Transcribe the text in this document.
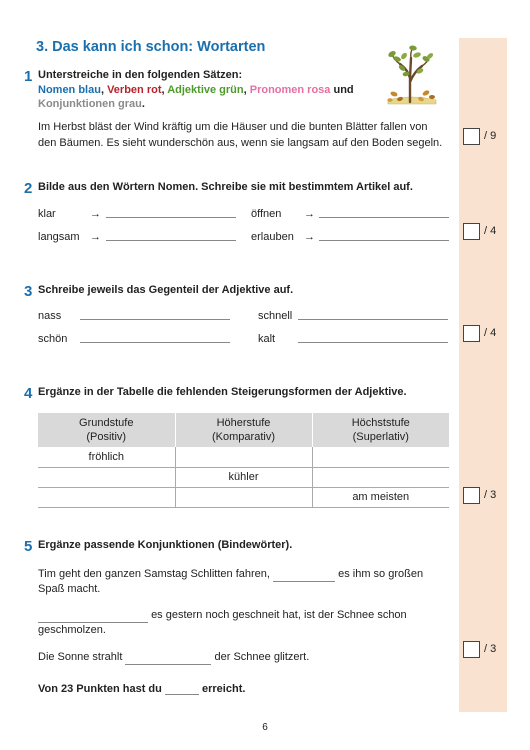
3. Das kann ich schon: Wortarten
1 Unterstreiche in den folgenden Sätzen:
Nomen blau, Verben rot, Adjektive grün, Pronomen rosa und
Konjunktionen grau.
Im Herbst bläst der Wind kräftig um die Häuser und die bunten Blätter fallen von
den Bäumen. Es sieht wunderschön aus, wenn sie langsam auf den Boden segeln.
/ 9
2 Bilde aus den Wörtern Nomen. Schreibe sie mit bestimmtem Artikel auf.
klar	→	öffnen →
langsam →	erlauben →	/ 4
3 Schreibe jeweils das Gegenteil der Adjektive auf.
nass	schnell
schön	kalt	/ 4
4 Ergänze in der Tabelle die fehlenden Steigerungsformen der Adjektive.
Grundstufe
(Positiv)	Höherstufe
(Komparativ)	Höchststufe
(Superlativ)
fröhlich		
	kühler	
		am meisten	/ 3
5 Ergänze passende Konjunktionen (Bindewörter).
Tim geht den ganzen Samstag Schlitten fahren,	es ihm so großen
Spaß macht.
es gestern noch geschneit hat, ist der Schnee schon
geschmolzen.
Die Sonne strahlt	der Schnee glitzert.
/ 3
Von 23 Punkten hast du	erreicht.
6
